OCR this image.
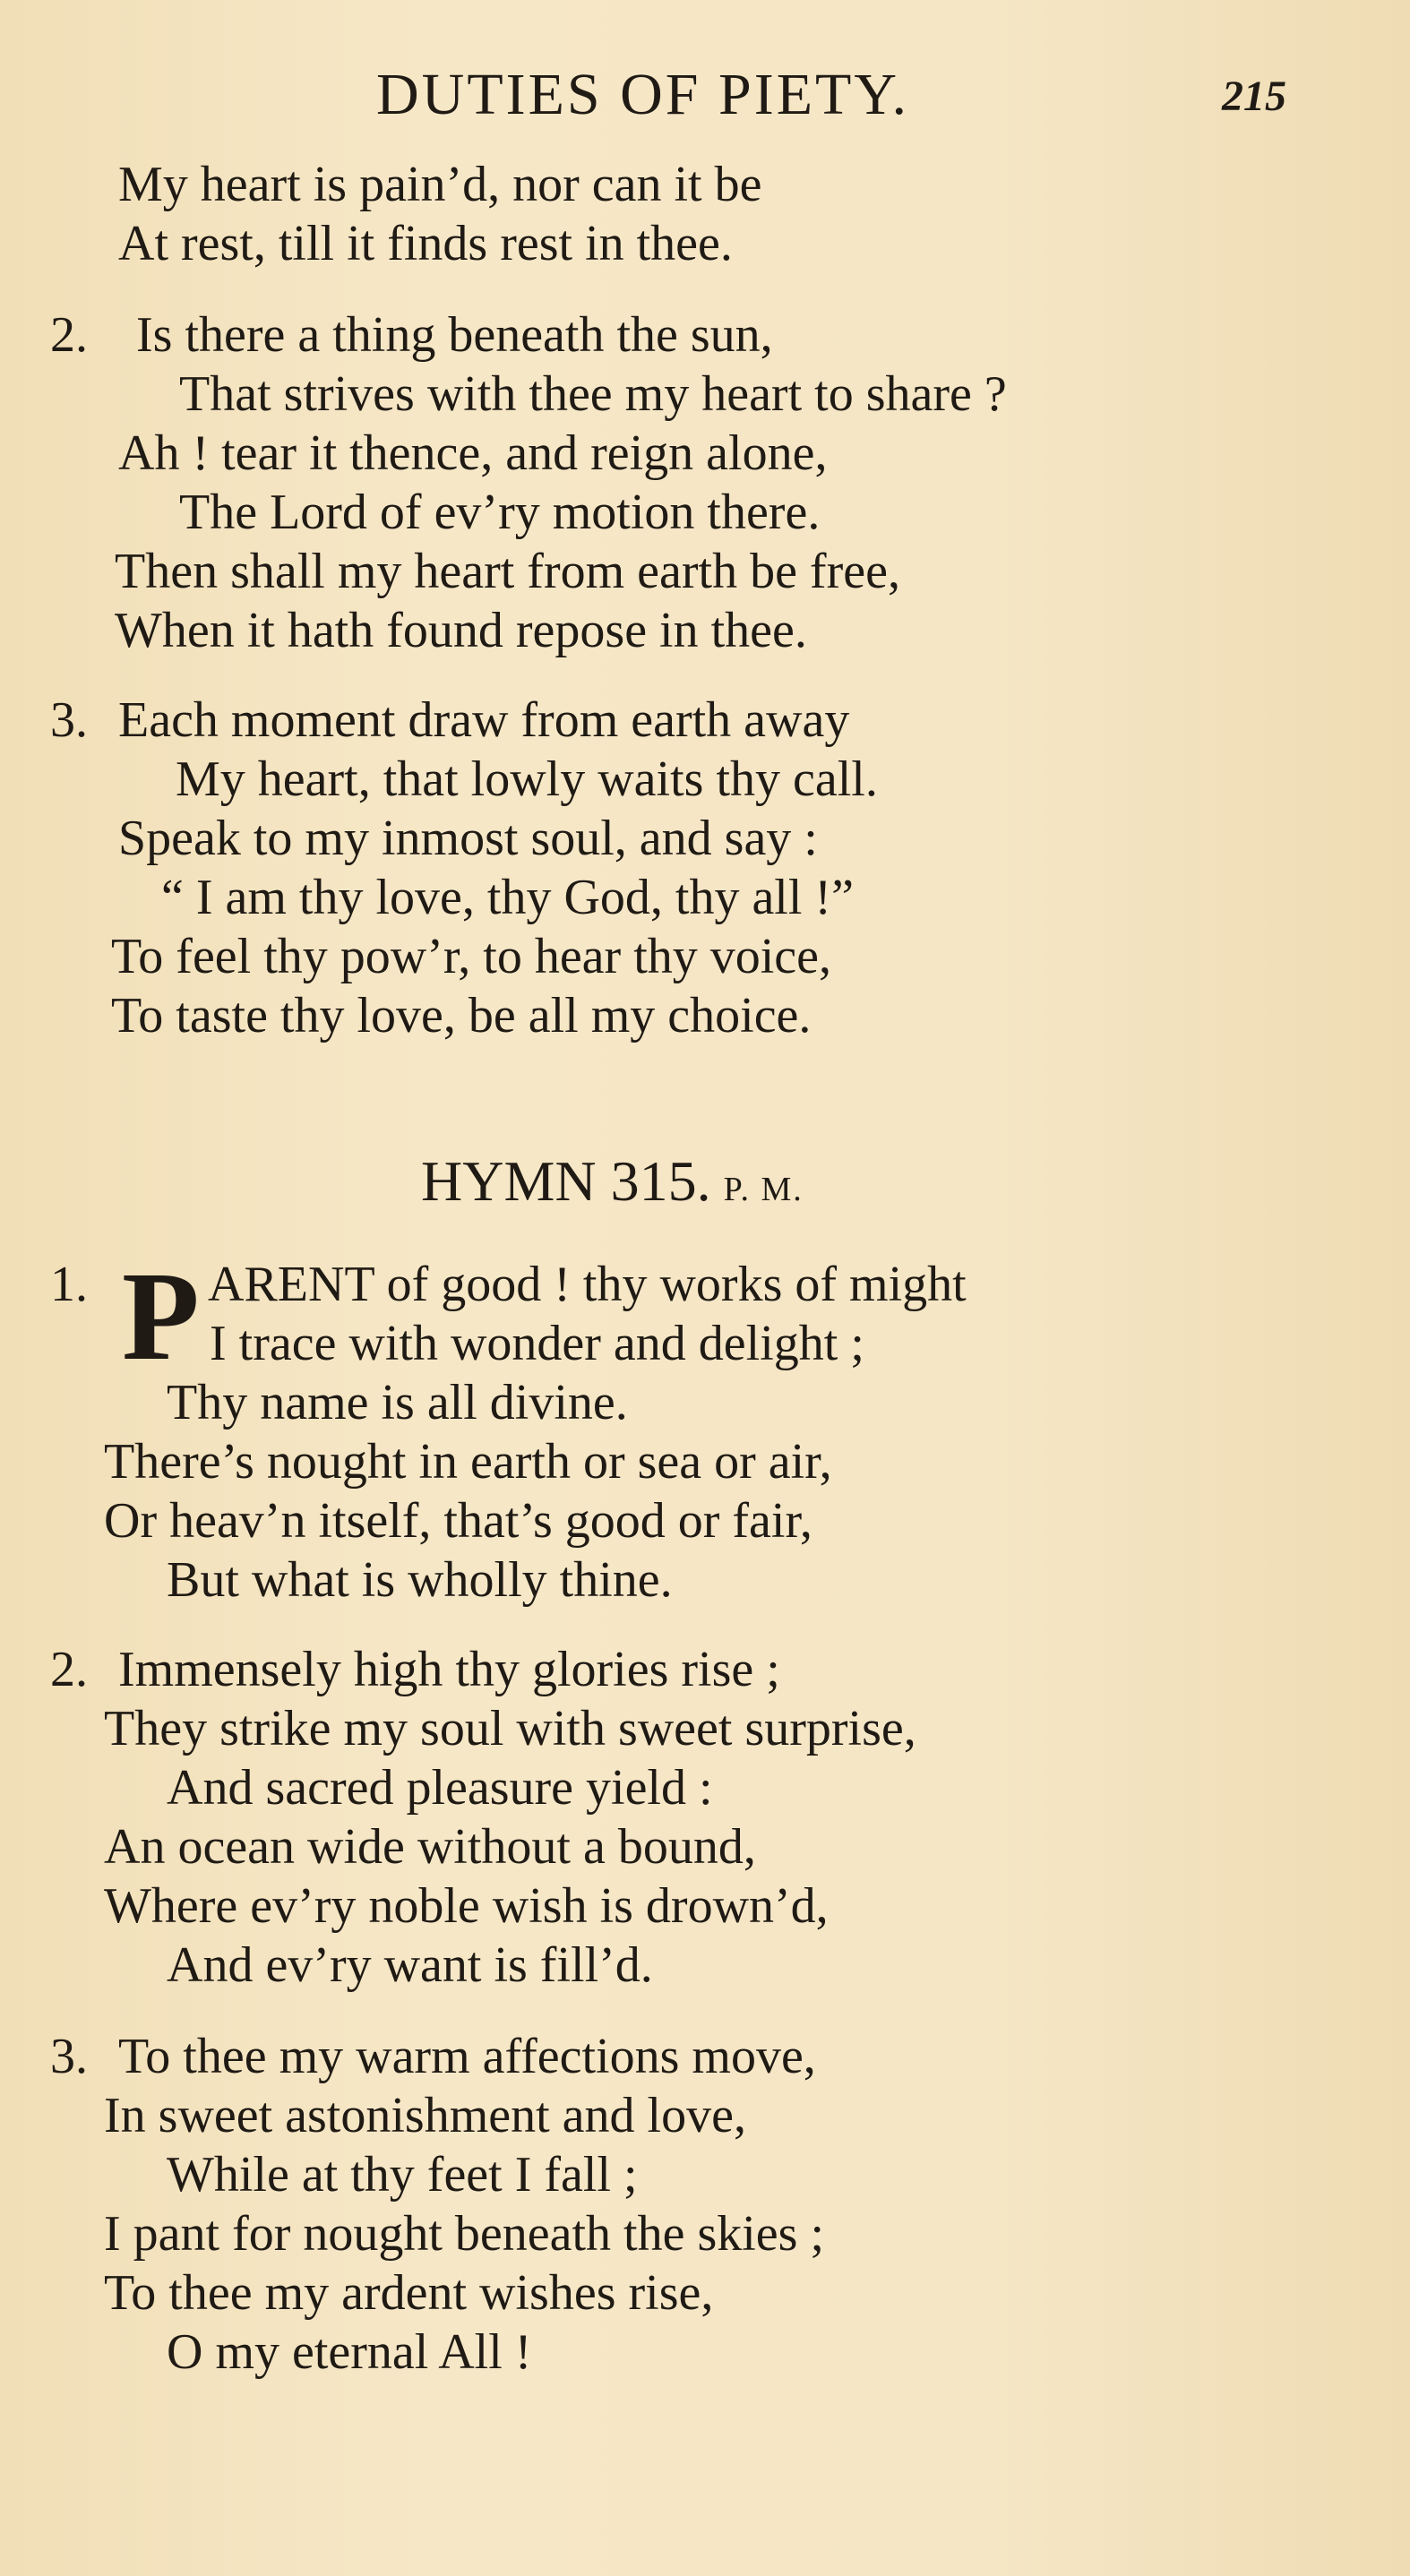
DUTIES OF PIETY.	215
My heart is pain’d, nor can it be
At rest, till it finds rest in thee.
2. Is there a thing beneath the sun,
That strives with thee my heart to share ?
Ah ! tear it thence, and reign alone,
The Lord of ev’ry motion there.
Then shall my heart from earth be free,
When it hath found repose in thee.
3. Each moment draw from earth away
My heart, that lowly waits thy call.
Speak to my inmost soul, and say :
“ I am thy love, thy God, thy all !”
To feel thy pow’r, to hear thy voice,
To taste thy love, be all my choice.
HYMN 315. P. M.
1. P ARENT of good ! thy works of might
I trace with wonder and delight ;
Thy name is all divine.
There’s nought in earth or sea or air,
Or heav’n itself, that’s good or fair,
But what is wholly thine.
2. Immensely high thy glories rise ;
They strike my soul with sweet surprise,
And sacred pleasure yield :
An ocean wide without a bound,
Where ev’ry noble wish is drown’d,
And ev’ry want is fill’d.
3. To thee my warm affections move,
In sweet astonishment and love,
While at thy feet I fall ;
I pant for nought beneath the skies ;
To thee my ardent wishes rise,
O my eternal All !
